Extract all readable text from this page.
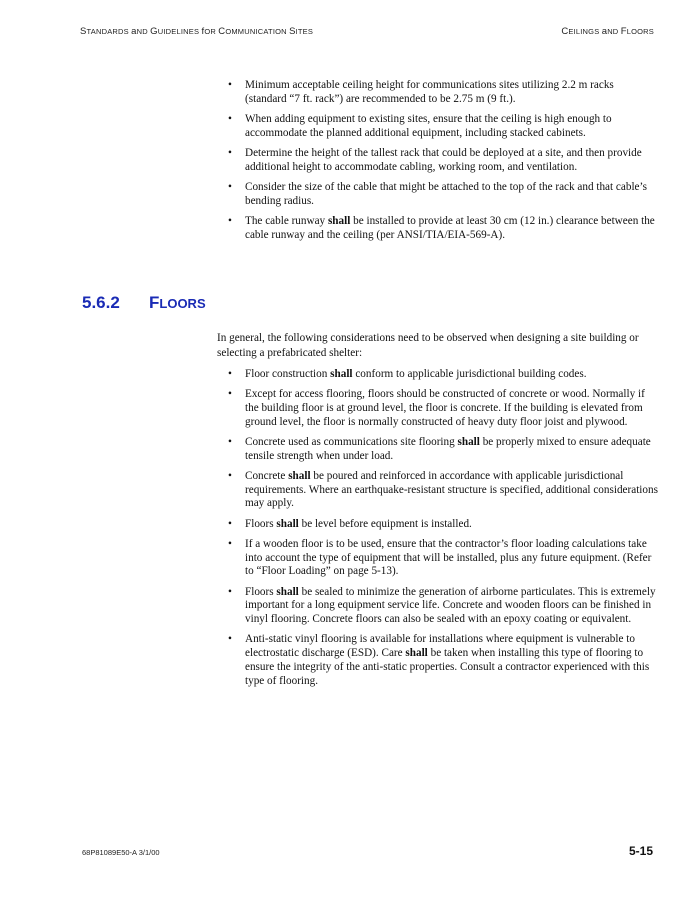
STANDARDS aND GUIDELINES fOR COMMUNICATION SITES	CEILINGS aND FLOORS
• Minimum acceptable ceiling height for communications sites utilizing 2.2 m racks (standard “7 ft. rack”) are recommended to be 2.75 m (9 ft.).
• When adding equipment to existing sites, ensure that the ceiling is high enough to accommodate the planned additional equipment, including stacked cabinets.
• Determine the height of the tallest rack that could be deployed at a site, and then provide additional height to accommodate cabling, working room, and ventilation.
• Consider the size of the cable that might be attached to the top of the rack and that cable’s bending radius.
• The cable runway shall be installed to provide at least 30 cm (12 in.) clearance between the cable runway and the ceiling (per ANSI/TIA/EIA-569-A).
5.6.2 FLOORS

In general, the following considerations need to be observed when designing a site building or selecting a prefabricated shelter:

• Floor construction shall conform to applicable jurisdictional building codes.
• Except for access flooring, floors should be constructed of concrete or wood. Normally if the building floor is at ground level, the floor is concrete. If the building is elevated from ground level, the floor is normally constructed of heavy duty floor joist and plywood.
• Concrete used as communications site flooring shall be properly mixed to ensure adequate tensile strength when under load.
• Concrete shall be poured and reinforced in accordance with applicable jurisdictional requirements. Where an earthquake-resistant structure is specified, additional considerations may apply.
• Floors shall be level before equipment is installed.
• If a wooden floor is to be used, ensure that the contractor’s floor loading calculations take into account the type of equipment that will be installed, plus any future equipment. (Refer to “Floor Loading” on page 5-13).
• Floors shall be sealed to minimize the generation of airborne particulates. This is extremely important for a long equipment service life. Concrete and wooden floors can be finished in vinyl flooring. Concrete floors can also be sealed with an epoxy coating or equivalent.
• Anti-static vinyl flooring is available for installations where equipment is vulnerable to electrostatic discharge (ESD). Care shall be taken when installing this type of flooring to ensure the integrity of the anti-static properties. Consult a contractor experienced with this type of flooring.
68P81089E50-A 3/1/00	5-15
